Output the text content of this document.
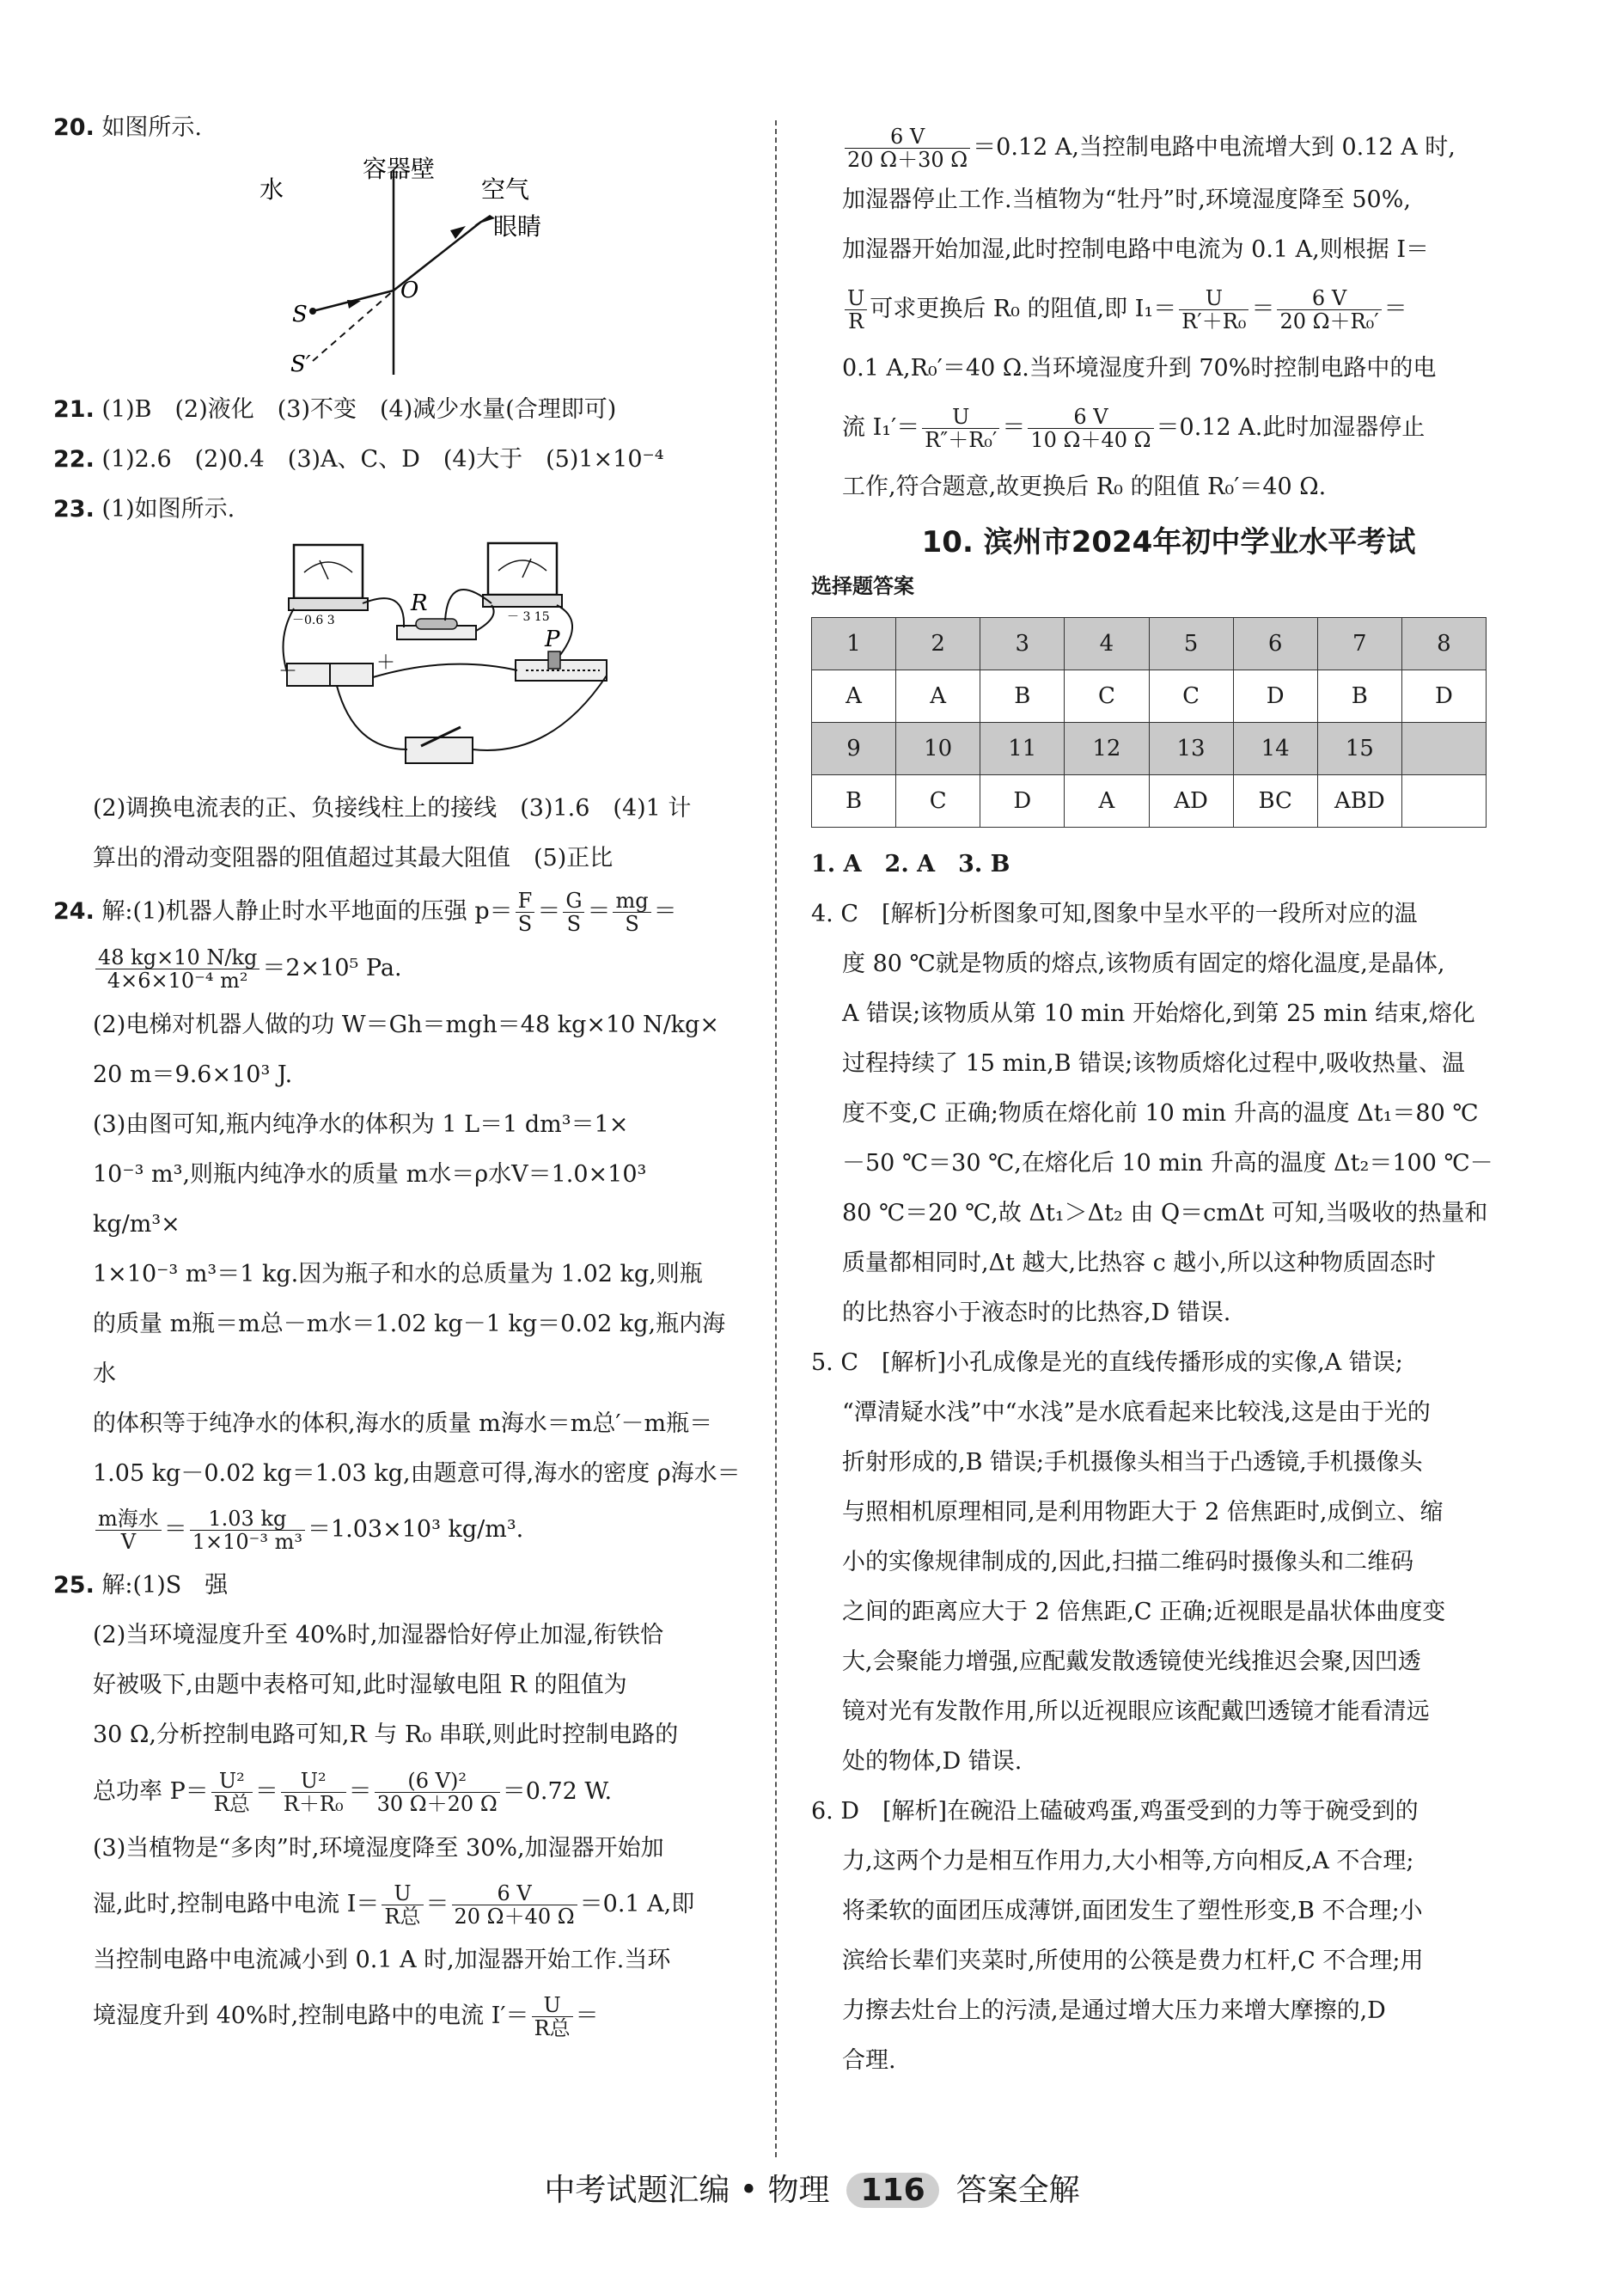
20. 如图所示.

容器壁
水	空气
眼睛
O
S
S′

21. (1)B　(2)液化　(3)不变　(4)减少水量(合理即可)

22. (1)2.6　(2)0.4　(3)A、C、D　(4)大于　(5)1×10⁻⁴

23. (1)如图所示.

－0.6 3	－ 3 15
R
－	＋
P

(2)调换电流表的正、负接线柱上的接线　(3)1.6　(4)1 计

算出的滑动变阻器的阻值超过其最大阻值　(5)正比

24. 解:(1)机器人静止时水平地面的压强 $p= \frac{F}{S} = \frac{G}{S} = \frac{mg}{S}$ ＝

$\frac{48 kg\times 10 N/kg}{\text{4×6×10⁻⁴ m²}} =2\times 10^5$ Pa.

(2)电梯对机器人做的功 W＝Gh＝mgh＝48 kg×10 N/kg×

20 m＝9.6×10³ J.

(3)由图可知,瓶内纯净水的体积为 1 L＝1 dm³＝1×

10⁻³ m³,则瓶内纯净水的质量 m水＝ρ水V＝1.0×10³ kg/m³×

1×10⁻³ m³＝1 kg.因为瓶子和水的总质量为 1.02 kg,则瓶

的质量 m瓶＝m总－m水＝1.02 kg－1 kg＝0.02 kg,瓶内海水

的体积等于纯净水的体积,海水的质量 m海水＝m总′－m瓶＝

1.05 kg－0.02 kg＝1.03 kg,由题意可得,海水的密度 ρ海水＝

$\frac{\text{m海水}}{V} = \frac{1.03 kg}{\text{1×10⁻³ m³}} =1.03\times 10^3$ kg/m³.

25. 解:(1)S　强

(2)当环境湿度升至 40%时,加湿器恰好停止加湿,衔铁恰

好被吸下,由题中表格可知,此时湿敏电阻 R 的阻值为

30 Ω,分析控制电路可知,R 与 R₀ 串联,则此时控制电路的

总功率 $P= \frac{\text{U²}}{\text{R总}} = \frac{\text{U²}}{\text{R＋R₀}} = \frac{\text{(6 V)²}}{30 \Omega+20 \Omega} =0.72$ W.

(3)当植物是“多肉”时,环境湿度降至 30%,加湿器开始加

湿,此时,控制电路中电流 $I= \frac{U}{\text{R总}} = \frac{6 V}{20 \Omega+40 \Omega} =0.1$ A,即

当控制电路中电流减小到 0.1 A 时,加湿器开始工作.当环

境湿度升到 40%时,控制电路中的电流 $I'= \frac{U}{\text{R总}}$ ＝

$\frac{6 V}{20 \Omega+30 \Omega} =0.12$ A,当控制电路中电流增大到 0.12 A 时,

加湿器停止工作.当植物为“牡丹”时,环境湿度降至 50%,

加湿器开始加湿,此时控制电路中电流为 0.1 A,则根据 I＝

$\frac{U}{R}$ 可求更换后 R₀ 的阻值,即 $I_1= \frac{U}{\text{R′＋R₀}} = \frac{6 V}{\text{20 Ω＋R₀′}}$ ＝

0.1 A,R₀′＝40 Ω.当环境湿度升到 70%时控制电路中的电

流 $I_1'= \frac{U}{\text{R″＋R₀′}} = \frac{6 V}{10 \Omega+40 \Omega} =0.12$ A.此时加湿器停止

工作,符合题意,故更换后 R₀ 的阻值 R₀′＝40 Ω.

10. 滨州市2024年初中学业水平考试

选择题答案

1	2	3	4	5	6	7	8
A	A	B	C	C	D	B	D
9	10	11	12	13	14	15	
B	C	D	A	AD	BC	ABD	

1. A　2. A　3. B

4. C　[解析]分析图象可知,图象中呈水平的一段所对应的温

度 80 ℃就是物质的熔点,该物质有固定的熔化温度,是晶体,

A 错误;该物质从第 10 min 开始熔化,到第 25 min 结束,熔化

过程持续了 15 min,B 错误;该物质熔化过程中,吸收热量、温

度不变,C 正确;物质在熔化前 10 min 升高的温度 Δt₁＝80 ℃

－50 ℃＝30 ℃,在熔化后 10 min 升高的温度 Δt₂＝100 ℃－

80 ℃＝20 ℃,故 Δt₁＞Δt₂ 由 Q＝cmΔt 可知,当吸收的热量和

质量都相同时,Δt 越大,比热容 c 越小,所以这种物质固态时

的比热容小于液态时的比热容,D 错误.

5. C　[解析]小孔成像是光的直线传播形成的实像,A 错误;

“潭清疑水浅”中“水浅”是水底看起来比较浅,这是由于光的

折射形成的,B 错误;手机摄像头相当于凸透镜,手机摄像头

与照相机原理相同,是利用物距大于 2 倍焦距时,成倒立、缩

小的实像规律制成的,因此,扫描二维码时摄像头和二维码

之间的距离应大于 2 倍焦距,C 正确;近视眼是晶状体曲度变

大,会聚能力增强,应配戴发散透镜使光线推迟会聚,因凹透

镜对光有发散作用,所以近视眼应该配戴凹透镜才能看清远

处的物体,D 错误.

6. D　[解析]在碗沿上磕破鸡蛋,鸡蛋受到的力等于碗受到的

力,这两个力是相互作用力,大小相等,方向相反,A 不合理;

将柔软的面团压成薄饼,面团发生了塑性形变,B 不合理;小

滨给长辈们夹菜时,所使用的公筷是费力杠杆,C 不合理;用

力擦去灶台上的污渍,是通过增大压力来增大摩擦的,D

合理.

中考试题汇编 • 物理 116 答案全解
